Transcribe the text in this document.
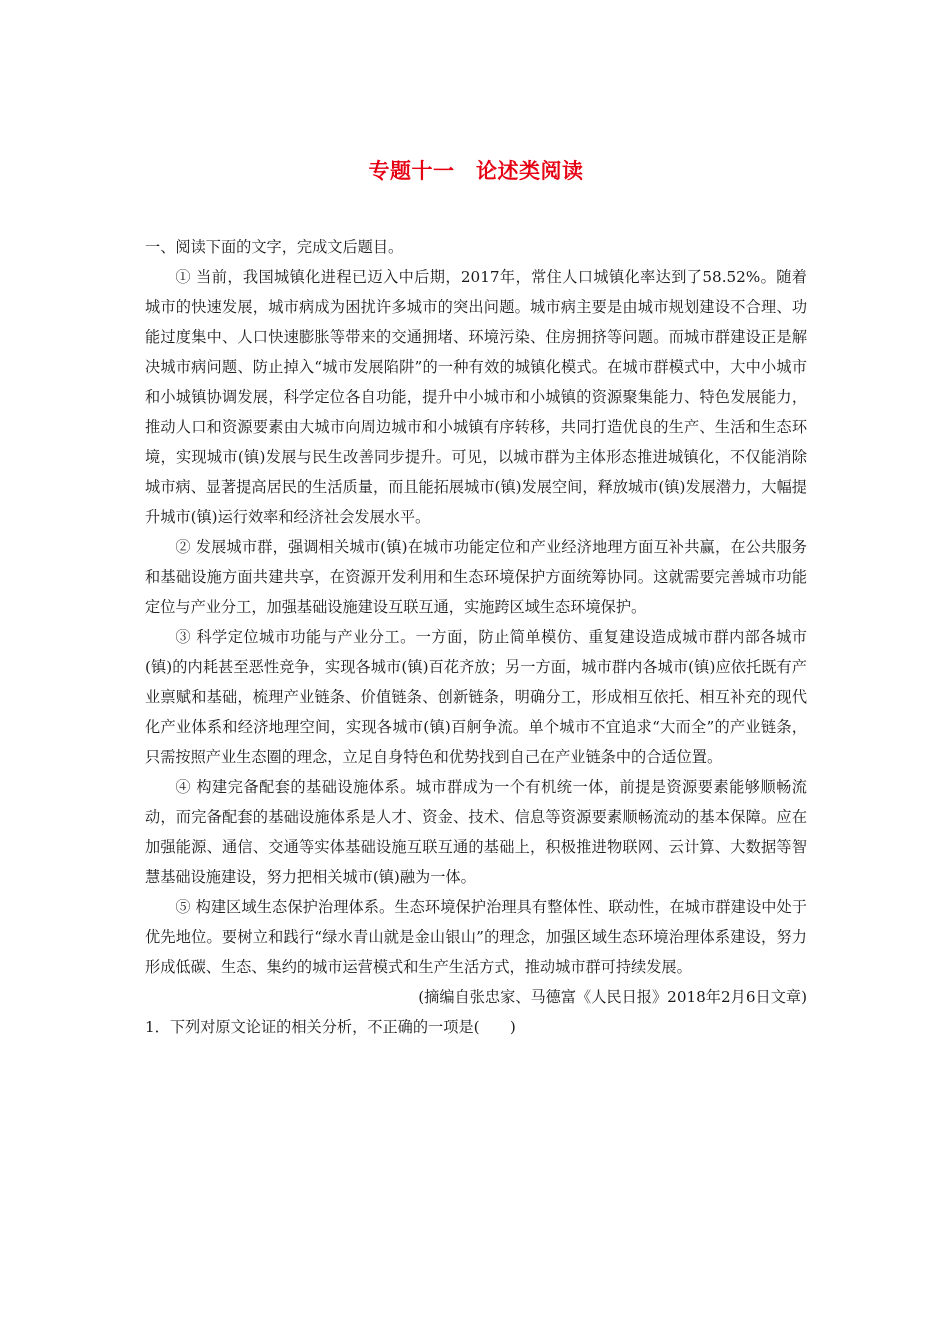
专题十一　论述类阅读

一、阅读下面的文字，完成文后题目。

① 当前，我国城镇化进程已迈入中后期，2017年，常住人口城镇化率达到了58.52%。随着城市的快速发展，城市病成为困扰许多城市的突出问题。城市病主要是由城市规划建设不合理、功能过度集中、人口快速膨胀等带来的交通拥堵、环境污染、住房拥挤等问题。而城市群建设正是解决城市病问题、防止掉入“城市发展陷阱”的一种有效的城镇化模式。在城市群模式中，大中小城市和小城镇协调发展，科学定位各自功能，提升中小城市和小城镇的资源聚集能力、特色发展能力，推动人口和资源要素由大城市向周边城市和小城镇有序转移，共同打造优良的生产、生活和生态环境，实现城市(镇)发展与民生改善同步提升。可见，以城市群为主体形态推进城镇化，不仅能消除城市病、显著提高居民的生活质量，而且能拓展城市(镇)发展空间，释放城市(镇)发展潜力，大幅提升城市(镇)运行效率和经济社会发展水平。

② 发展城市群，强调相关城市(镇)在城市功能定位和产业经济地理方面互补共赢，在公共服务和基础设施方面共建共享，在资源开发利用和生态环境保护方面统筹协同。这就需要完善城市功能定位与产业分工，加强基础设施建设互联互通，实施跨区域生态环境保护。

③ 科学定位城市功能与产业分工。一方面，防止简单模仿、重复建设造成城市群内部各城市(镇)的内耗甚至恶性竞争，实现各城市(镇)百花齐放；另一方面，城市群内各城市(镇)应依托既有产业禀赋和基础，梳理产业链条、价值链条、创新链条，明确分工，形成相互依托、相互补充的现代化产业体系和经济地理空间，实现各城市(镇)百舸争流。单个城市不宜追求“大而全”的产业链条，只需按照产业生态圈的理念，立足自身特色和优势找到自己在产业链条中的合适位置。

④ 构建完备配套的基础设施体系。城市群成为一个有机统一体，前提是资源要素能够顺畅流动，而完备配套的基础设施体系是人才、资金、技术、信息等资源要素顺畅流动的基本保障。应在加强能源、通信、交通等实体基础设施互联互通的基础上，积极推进物联网、云计算、大数据等智慧基础设施建设，努力把相关城市(镇)融为一体。

⑤ 构建区域生态保护治理体系。生态环境保护治理具有整体性、联动性，在城市群建设中处于优先地位。要树立和践行“绿水青山就是金山银山”的理念，加强区域生态环境治理体系建设，努力形成低碳、生态、集约的城市运营模式和生产生活方式，推动城市群可持续发展。

(摘编自张忠家、马德富《人民日报》2018年2月6日文章)

1．下列对原文论证的相关分析，不正确的一项是( )
